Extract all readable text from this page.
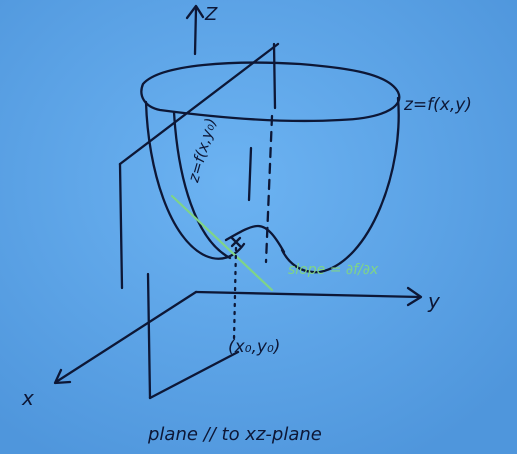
Z
y
x
z=f(x,y₀)
z=f(x,y)
slope = ∂f/∂x
(x₀,y₀)
plane // to xz-plane
